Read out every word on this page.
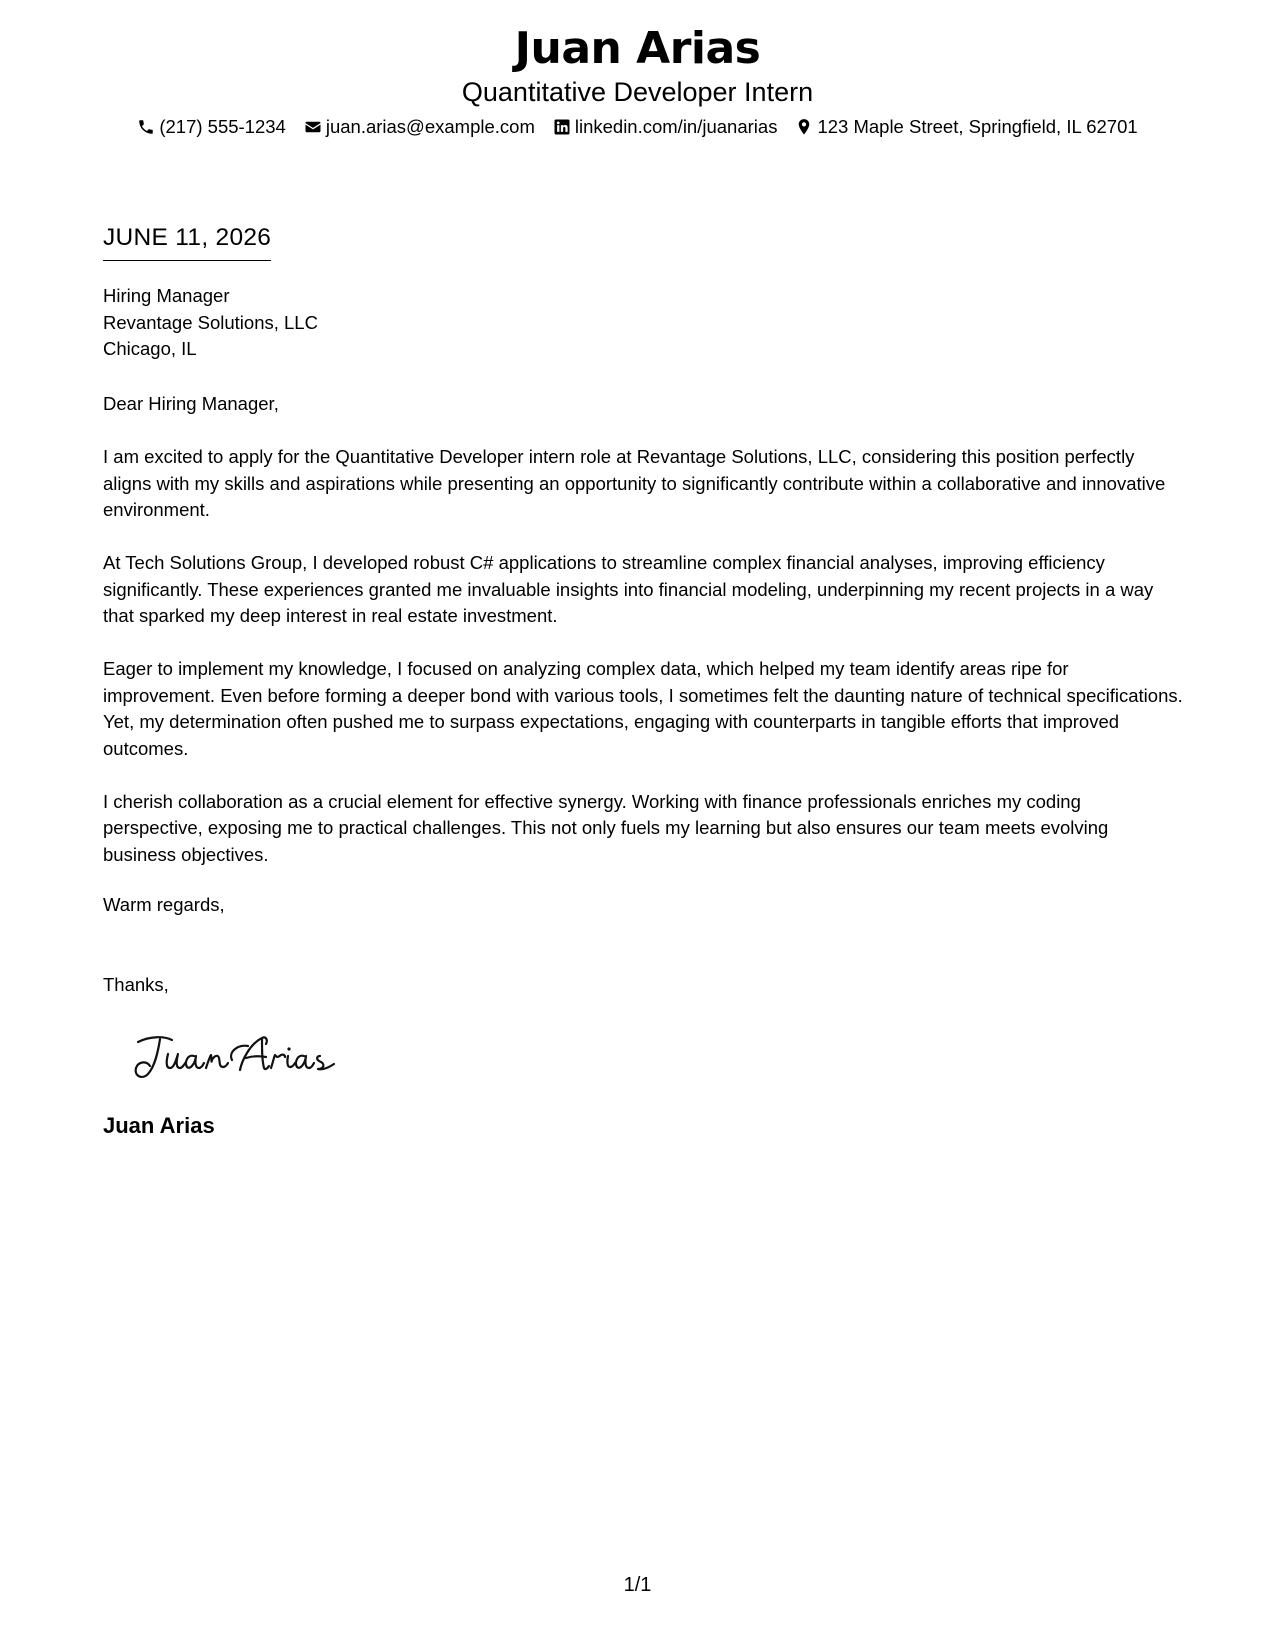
Juan Arias
Quantitative Developer Intern
(217) 555-1234 juan.arias@example.com linkedin.com/in/juanarias 123 Maple Street, Springfield, IL 62701
JUNE 11, 2026
Hiring Manager
Revantage Solutions, LLC
Chicago, IL

Dear Hiring Manager,

I am excited to apply for the Quantitative Developer intern role at Revantage Solutions, LLC, considering this position perfectly aligns with my skills and aspirations while presenting an opportunity to significantly contribute within a collaborative and innovative environment.

At Tech Solutions Group, I developed robust C# applications to streamline complex financial analyses, improving efficiency significantly. These experiences granted me invaluable insights into financial modeling, underpinning my recent projects in a way that sparked my deep interest in real estate investment.

Eager to implement my knowledge, I focused on analyzing complex data, which helped my team identify areas ripe for improvement. Even before forming a deeper bond with various tools, I sometimes felt the daunting nature of technical specifications. Yet, my determination often pushed me to surpass expectations, engaging with counterparts in tangible efforts that improved outcomes.

I cherish collaboration as a crucial element for effective synergy. Working with finance professionals enriches my coding perspective, exposing me to practical challenges. This not only fuels my learning but also ensures our team meets evolving business objectives.

Warm regards,
Thanks,
Juan Arias
1/1
